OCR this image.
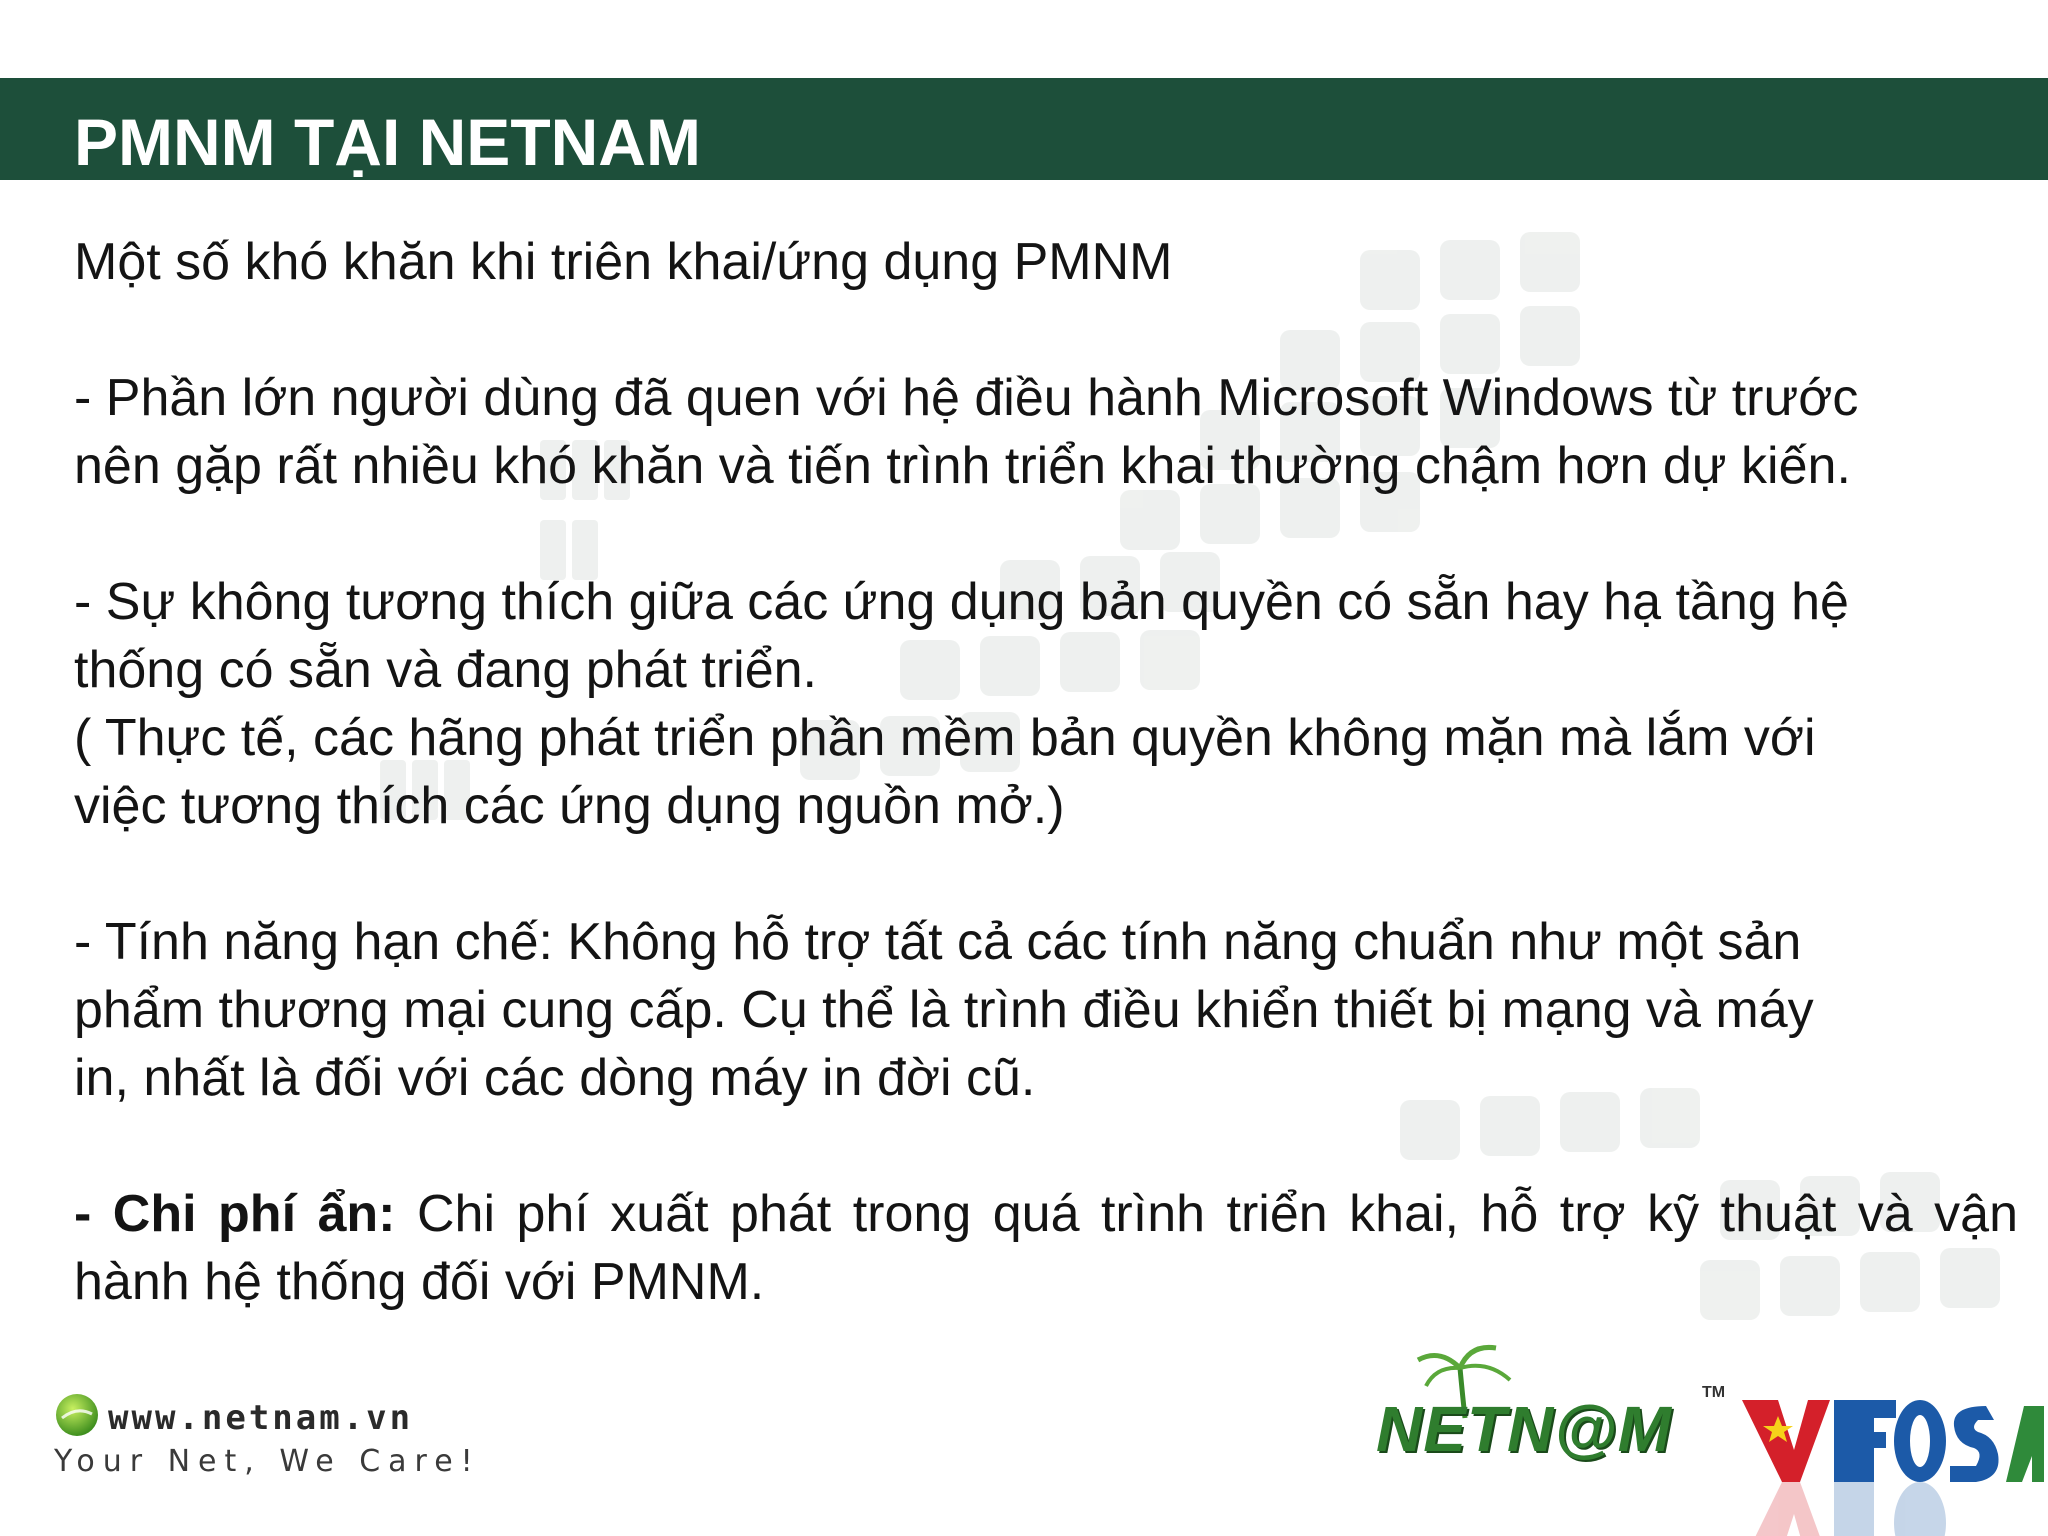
PMNM TẠI NETNAM

Một số khó khăn khi triên khai/ứng dụng PMNM

- Phần lớn người dùng đã quen với hệ điều hành Microsoft Windows từ trước

nên gặp rất nhiều khó khăn và tiến trình triển khai thường chậm hơn dự kiến.

- Sự không tương thích giữa các ứng dụng bản quyền có sẵn hay hạ tầng hệ

thống có sẵn và đang phát triển.

( Thực tế, các hãng phát triển phần mềm bản quyền không mặn mà lắm với

việc tương thích các ứng dụng nguồn mở.)

- Tính năng hạn chế: Không hỗ trợ tất cả các tính năng chuẩn như một sản

phẩm thương mại cung cấp. Cụ thể là trình điều khiển thiết bị mạng và máy

in, nhất là đối với các dòng máy in đời cũ.

- Chi phí ẩn: Chi phí xuất phát trong quá trình triển khai, hỗ trợ kỹ thuật và vận hành hệ thống đối với PMNM.

www.netnam.vn
Your Net, We Care!	NETN@M
TM
